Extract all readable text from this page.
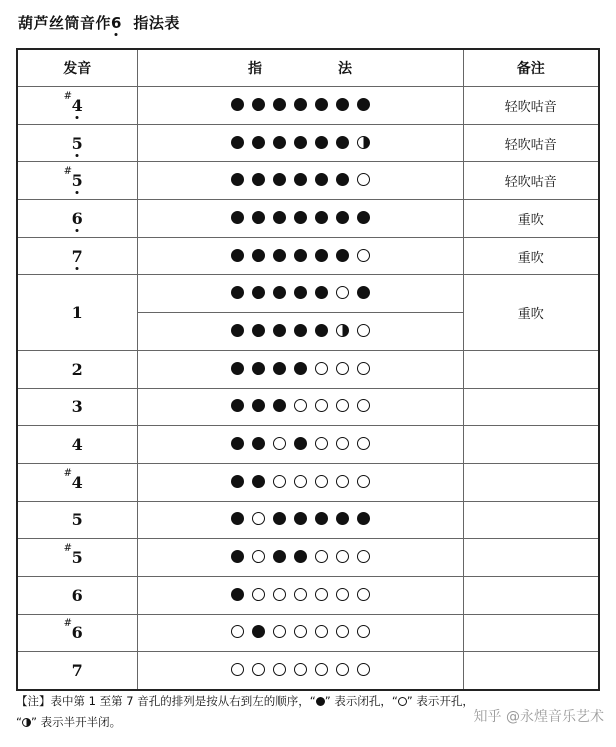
葫芦丝筒音作6  指法表
发音	指 法	备注

# 4		轻吹咕音
5		轻吹咕音

# 5		轻吹咕音
6		重吹
7		重吹
1		重吹

2	

3	

4	

# 4	

5	

# 5	

6	

# 6	

7	

【注】表中第 1 至第 7 音孔的排列是按从右到左的顺序，“ ” 表示闭孔，“ ” 表示开孔，
“ ” 表示半开半闭。	知乎 @永煌音乐艺术
